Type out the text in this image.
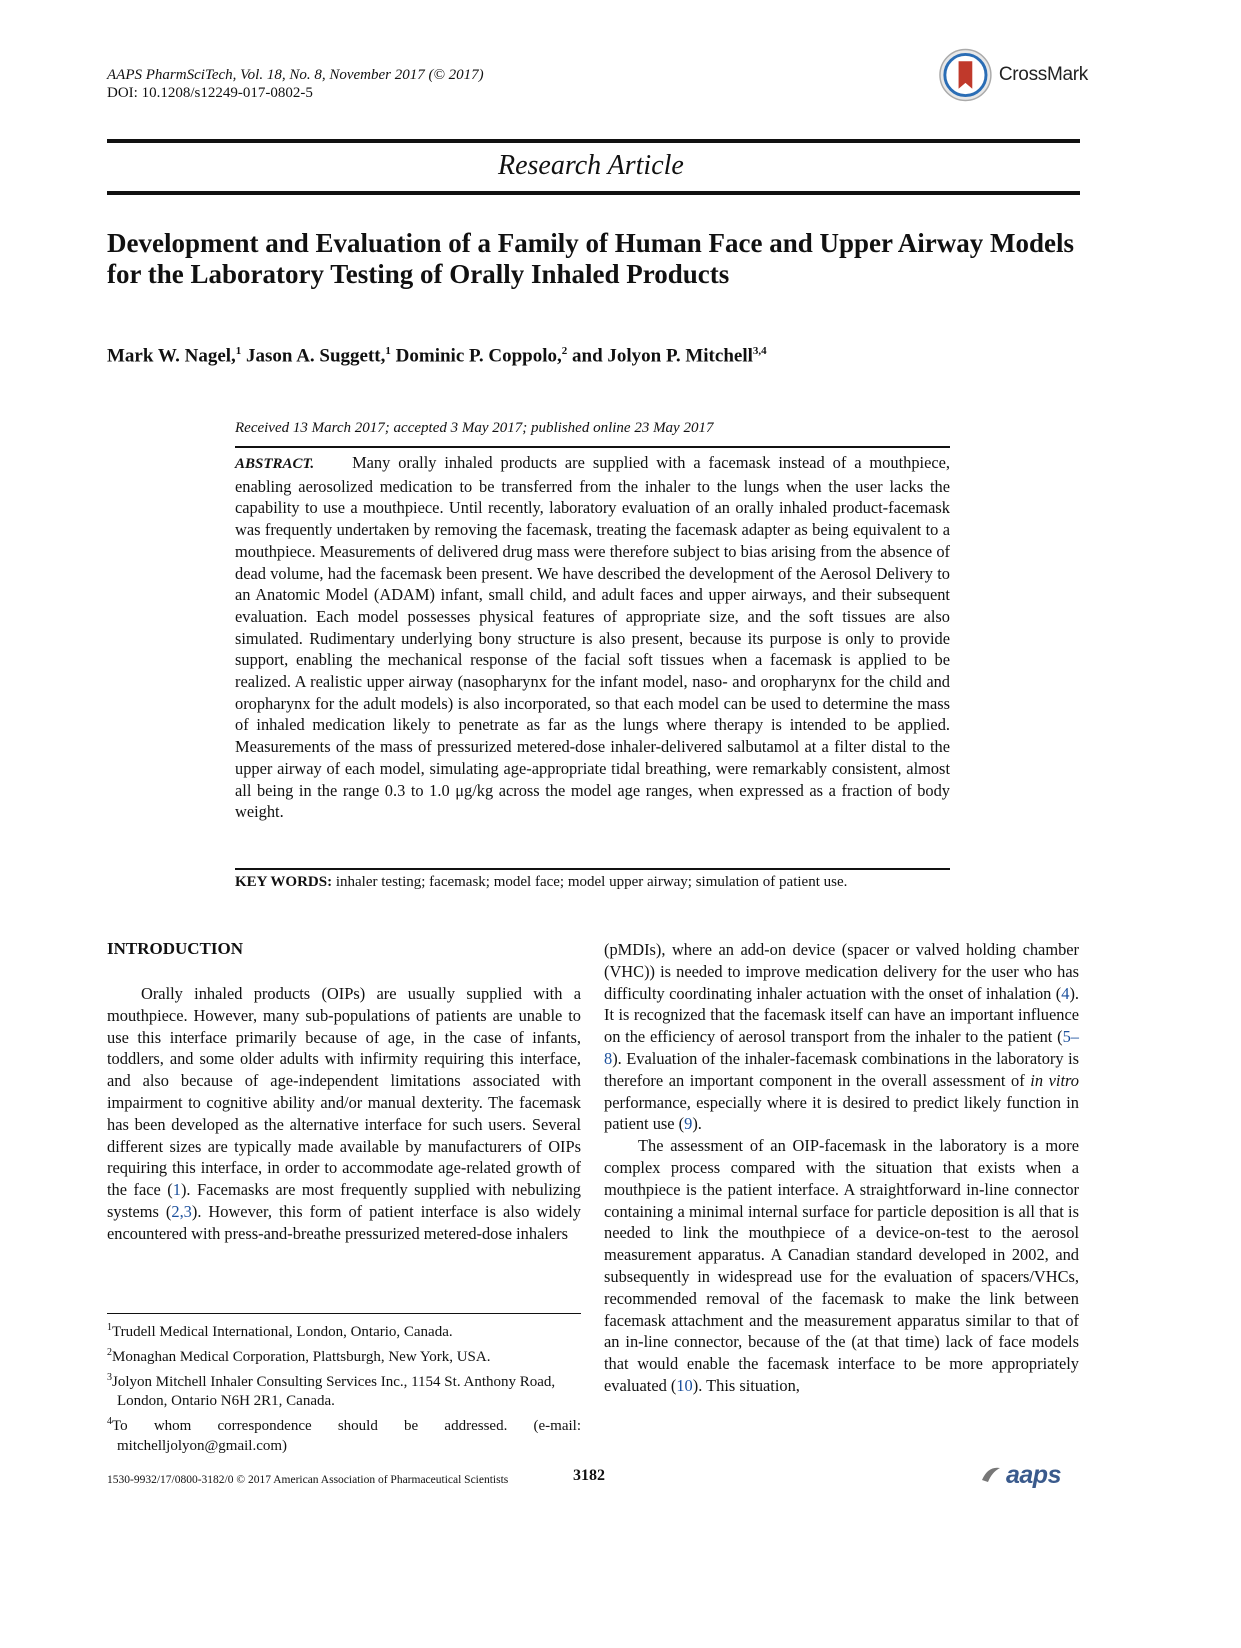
AAPS PharmSciTech, Vol. 18, No. 8, November 2017 (© 2017)
DOI: 10.1208/s12249-017-0802-5
CrossMark
Research Article
Development and Evaluation of a Family of Human Face and Upper Airway Models for the Laboratory Testing of Orally Inhaled Products
Mark W. Nagel,$^1$ Jason A. Suggett,$^1$ Dominic P. Coppolo,$^2$ and Jolyon P. Mitchell$^{3,4}$
Received 13 March 2017; accepted 3 May 2017; published online 23 May 2017
ABSTRACT. Many orally inhaled products are supplied with a facemask instead of a mouthpiece, enabling aerosolized medication to be transferred from the inhaler to the lungs when the user lacks the capability to use a mouthpiece. Until recently, laboratory evaluation of an orally inhaled product-facemask was frequently undertaken by removing the facemask, treating the facemask adapter as being equivalent to a mouthpiece. Measurements of delivered drug mass were therefore subject to bias arising from the absence of dead volume, had the facemask been present. We have described the development of the Aerosol Delivery to an Anatomic Model (ADAM) infant, small child, and adult faces and upper airways, and their subsequent evaluation. Each model possesses physical features of appropriate size, and the soft tissues are also simulated. Rudimentary underlying bony structure is also present, because its purpose is only to provide support, enabling the mechanical response of the facial soft tissues when a facemask is applied to be realized. A realistic upper airway (nasopharynx for the infant model, naso- and oropharynx for the child and oropharynx for the adult models) is also incorporated, so that each model can be used to determine the mass of inhaled medication likely to penetrate as far as the lungs where therapy is intended to be applied. Measurements of the mass of pressurized metered-dose inhaler-delivered salbutamol at a filter distal to the upper airway of each model, simulating age-appropriate tidal breathing, were remarkably consistent, almost all being in the range 0.3 to 1.0 μg/kg across the model age ranges, when expressed as a fraction of body weight.
KEY WORDS: inhaler testing; facemask; model face; model upper airway; simulation of patient use.
INTRODUCTION

Orally inhaled products (OIPs) are usually supplied with a mouthpiece. However, many sub-populations of patients are unable to use this interface primarily because of age, in the case of infants, toddlers, and some older adults with infirmity requiring this interface, and also because of age-independent limitations associated with impairment to cognitive ability and/or manual dexterity. The facemask has been developed as the alternative interface for such users. Several different sizes are typically made available by manufacturers of OIPs requiring this interface, in order to accommodate age-related growth of the face (1). Facemasks are most frequently supplied with nebulizing systems (2,3). However, this form of patient interface is also widely encountered with press-and-breathe pressurized metered-dose inhalers

(pMDIs), where an add-on device (spacer or valved holding chamber (VHC)) is needed to improve medication delivery for the user who has difficulty coordinating inhaler actuation with the onset of inhalation (4). It is recognized that the facemask itself can have an important influence on the efficiency of aerosol transport from the inhaler to the patient (5–8). Evaluation of the inhaler-facemask combinations in the laboratory is therefore an important component in the overall assessment of in vitro performance, especially where it is desired to predict likely function in patient use (9).

The assessment of an OIP-facemask in the laboratory is a more complex process compared with the situation that exists when a mouthpiece is the patient interface. A straightforward in-line connector containing a minimal internal surface for particle deposition is all that is needed to link the mouthpiece of a device-on-test to the aerosol measurement apparatus. A Canadian standard developed in 2002, and subsequently in widespread use for the evaluation of spacers/VHCs, recommended removal of the facemask to make the link between facemask attachment and the measurement apparatus similar to that of an in-line connector, because of the (at that time) lack of face models that would enable the facemask interface to be more appropriately evaluated (10). This situation,

$^1$Trudell Medical International, London, Ontario, Canada.

$^2$Monaghan Medical Corporation, Plattsburgh, New York, USA.

$^3$Jolyon Mitchell Inhaler Consulting Services Inc., 1154 St. Anthony Road, London, Ontario N6H 2R1, Canada.

$^4$To whom correspondence should be addressed. (e-mail: mitchelljolyon@gmail.com)

1530-9932/17/0800-3182/0 © 2017 American Association of Pharmaceutical Scientists	3182	aaps
